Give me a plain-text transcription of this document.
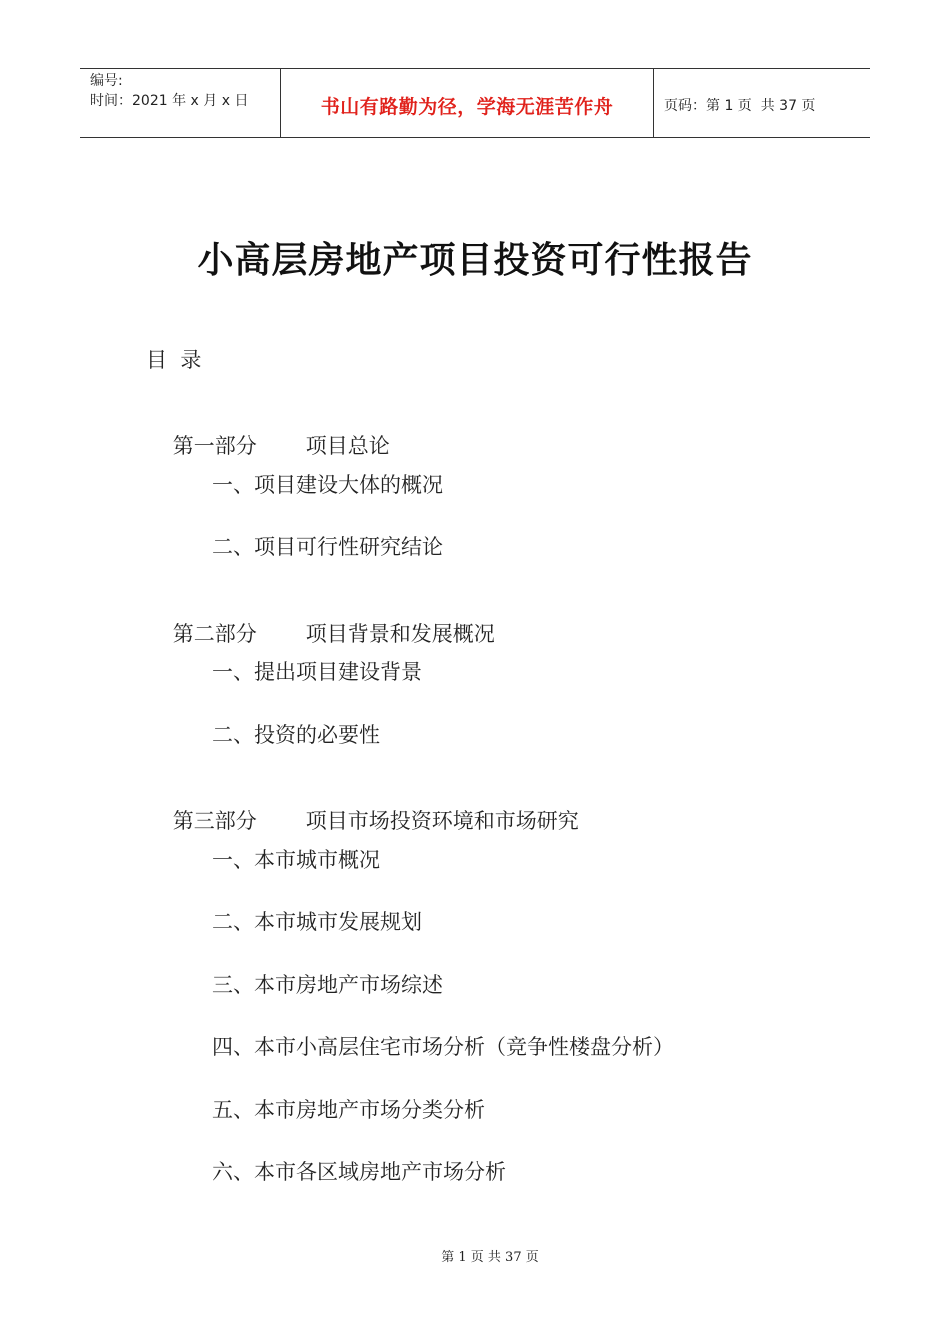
编号:
时间：2021 年 x 月 x 日	书山有路勤为径，学海无涯苦作舟	页码：第 1 页  共 37 页
小高层房地产项目投资可行性报告
目  录

第一部分 项目总论

一、项目建设大体的概况
二、项目可行性研究结论

第二部分 项目背景和发展概况

一、提出项目建设背景
二、投资的必要性

第三部分 项目市场投资环境和市场研究

一、本市城市概况
二、本市城市发展规划
三、本市房地产市场综述
四、本市小高层住宅市场分析（竞争性楼盘分析）
五、本市房地产市场分类分析
六、本市各区域房地产市场分析
第 1 页 共 37 页
